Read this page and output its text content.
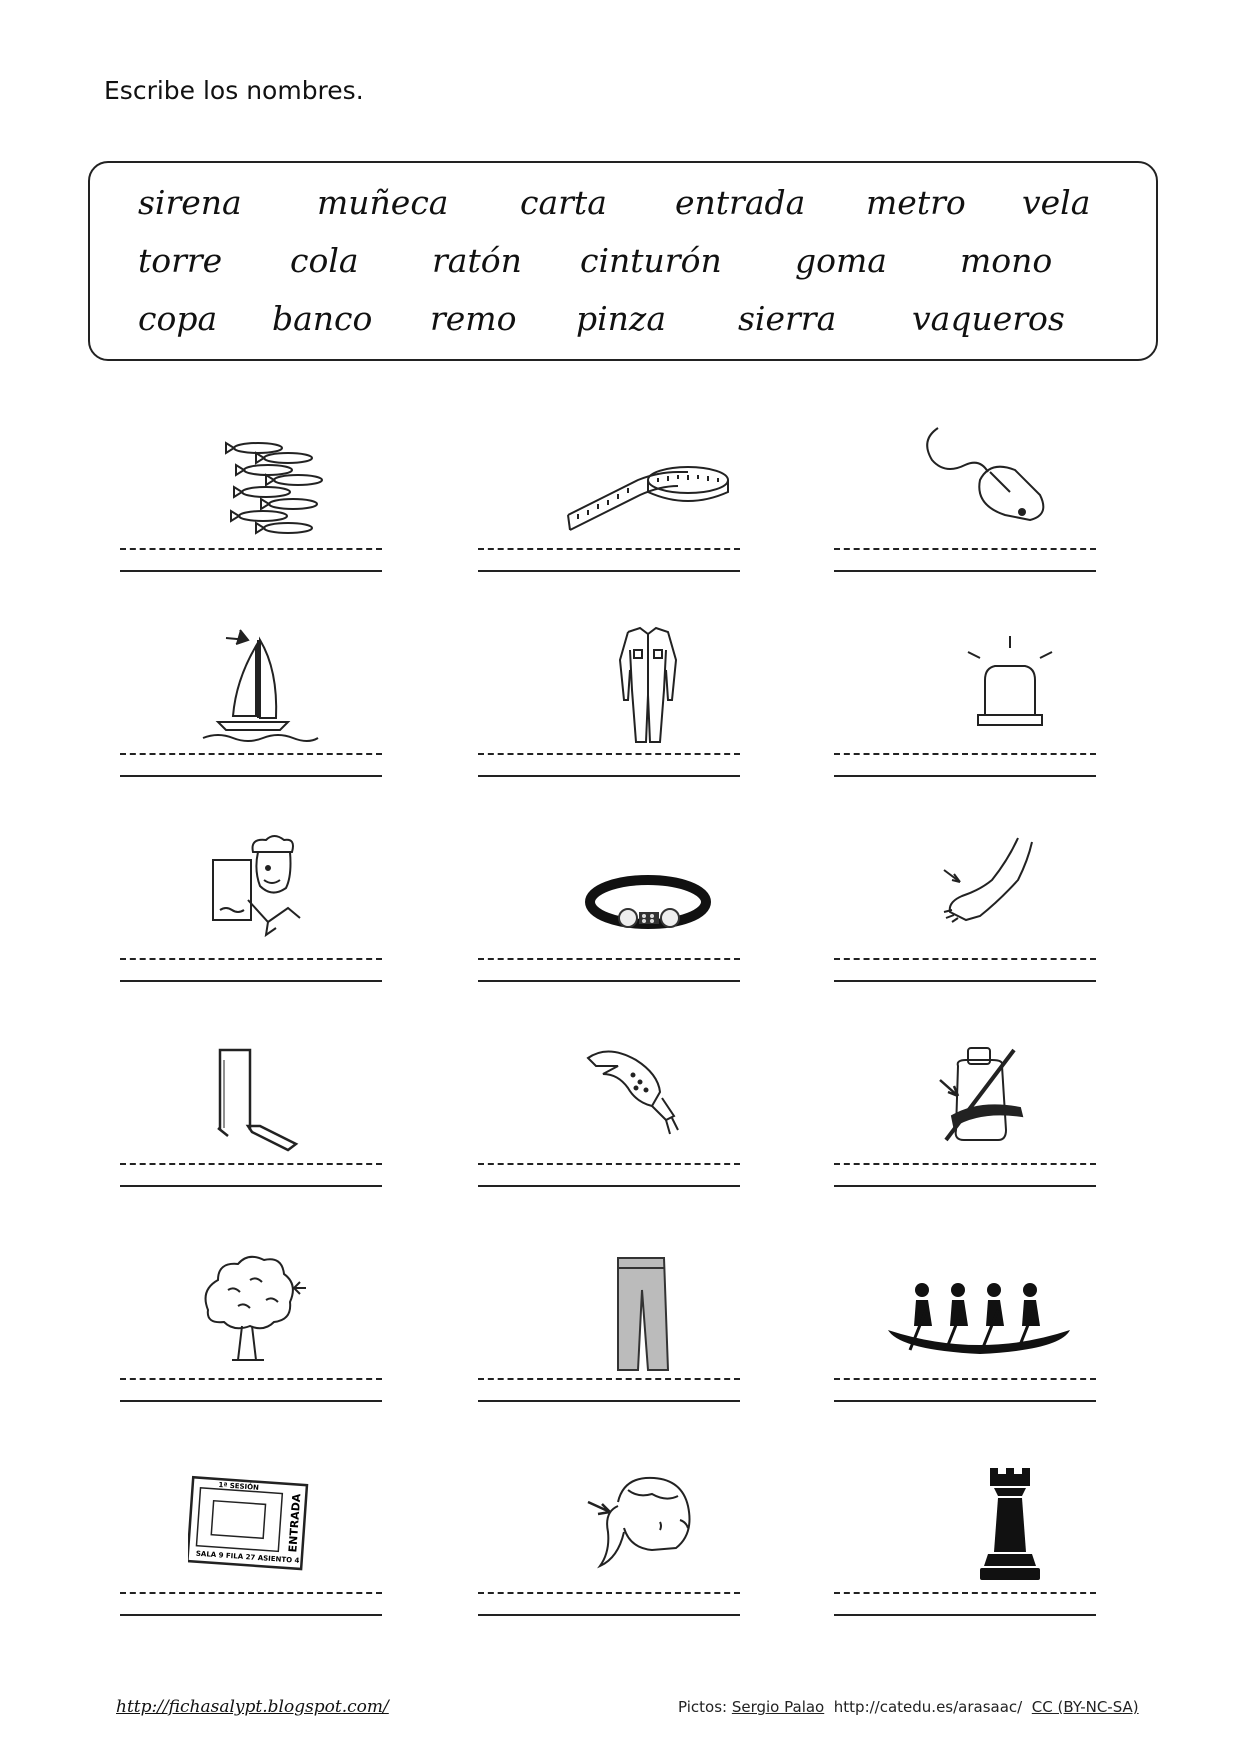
Escribe los nombres.
sirena muñeca carta entrada metro vela
torre cola ratón cinturón goma mono
copa banco remo pinza sierra vaqueros
1ª SESIÓN
SALA 9 FILA 27 ASIENTO 4
ENTRADA
http://fichasalypt.blogspot.com/	Pictos: Sergio Palao http://catedu.es/arasaac/ CC (BY-NC-SA)
